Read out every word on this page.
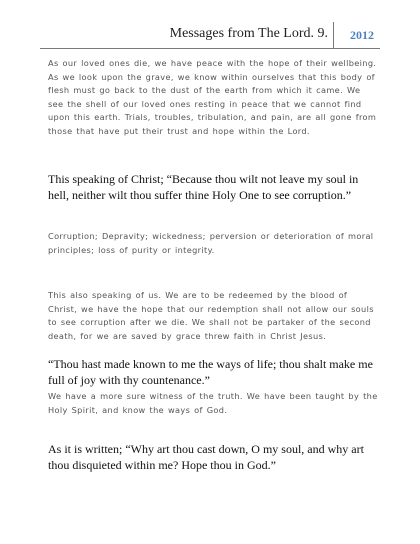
Messages from The Lord. 9. 2012

As our loved ones die, we have peace with the hope of their wellbeing. As we look upon the grave, we know within ourselves that this body of flesh must go back to the dust of the earth from which it came. We see the shell of our loved ones resting in peace that we cannot find upon this earth. Trials, troubles, tribulation, and pain, are all gone from those that have put their trust and hope within the Lord.

This speaking of Christ; “Because thou wilt not leave my soul in hell, neither wilt thou suffer thine Holy One to see corruption.”

Corruption; Depravity; wickedness; perversion or deterioration of moral principles; loss of purity or integrity.

This also speaking of us. We are to be redeemed by the blood of Christ, we have the hope that our redemption shall not allow our souls to see corruption after we die. We shall not be partaker of the second death, for we are saved by grace threw faith in Christ Jesus.

“Thou hast made known to me the ways of life; thou shalt make me full of joy with thy countenance.”

We have a more sure witness of the truth. We have been taught by the Holy Spirit, and know the ways of God.

As it is written; “Why art thou cast down, O my soul, and why art thou disquieted within me? Hope thou in God.”
